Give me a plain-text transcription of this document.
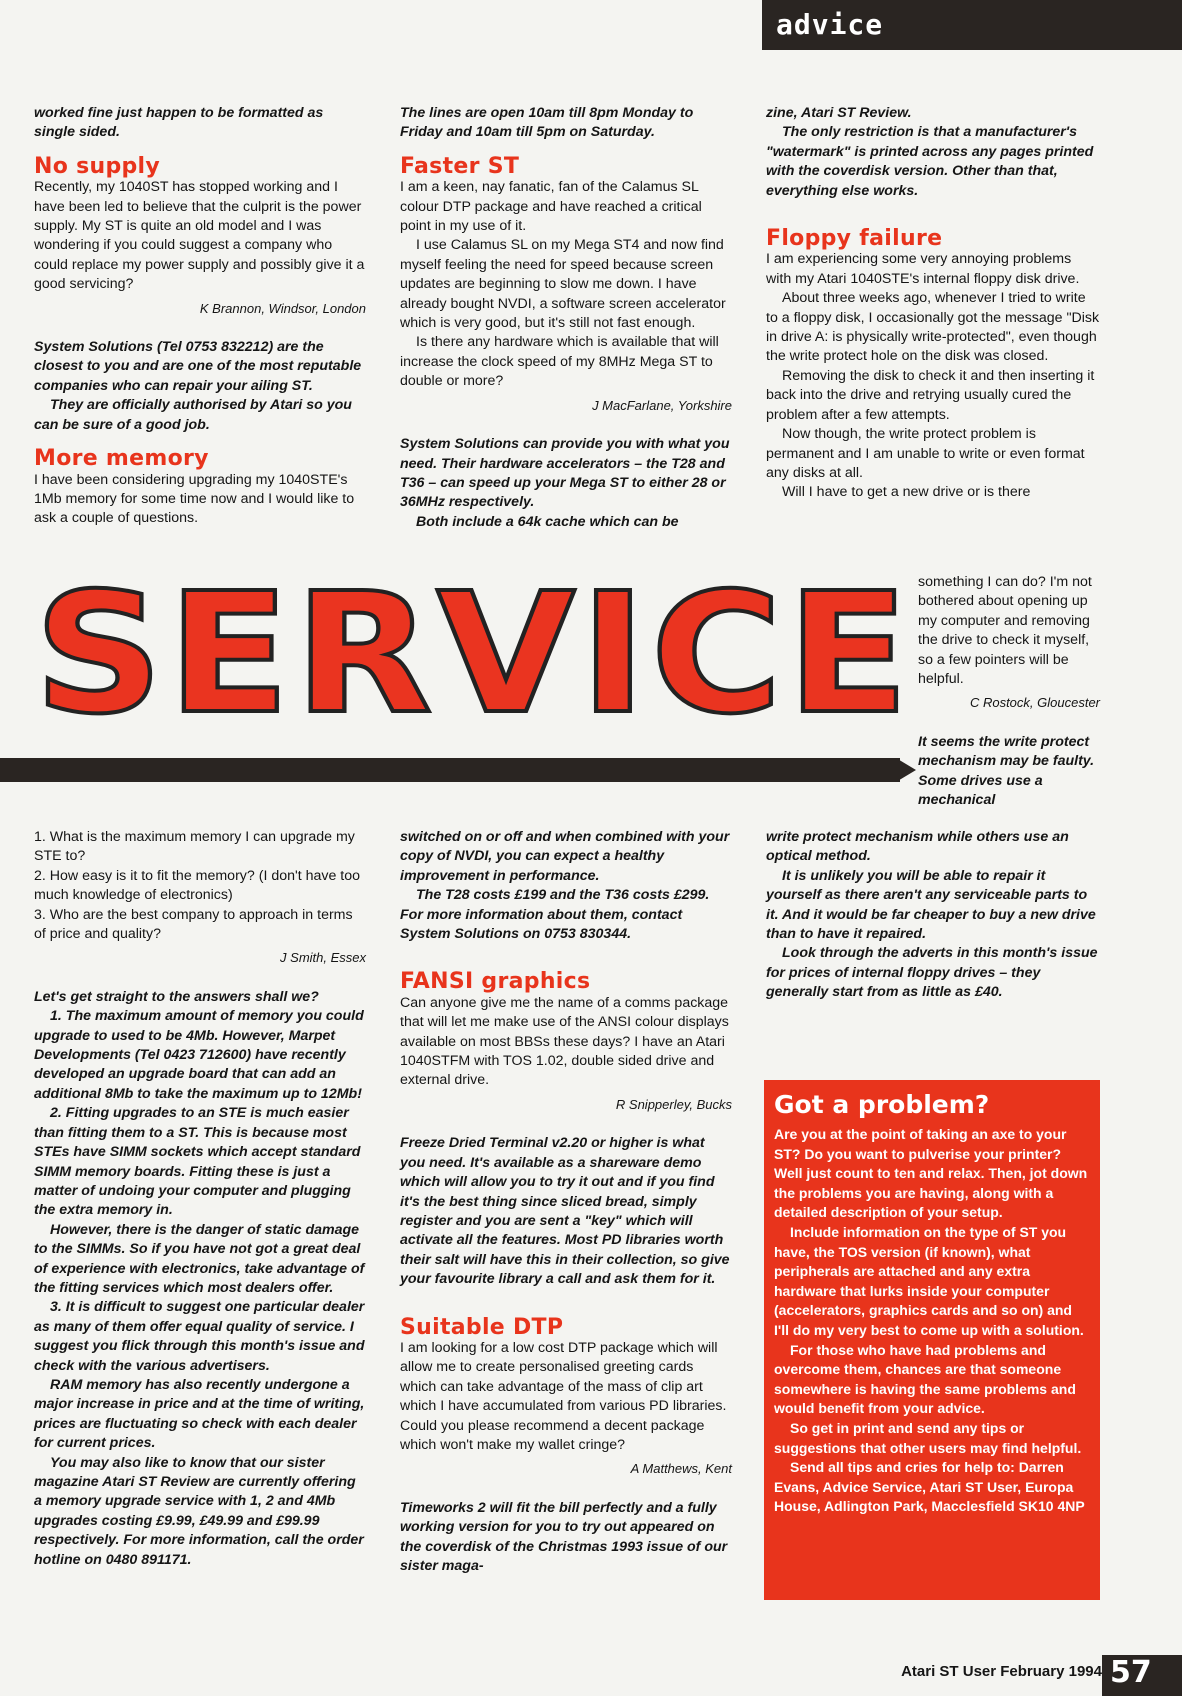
advice

worked fine just happen to be formatted as single sided.

No supply

Recently, my 1040ST has stopped working and I have been led to believe that the culprit is the power supply. My ST is quite an old model and I was wondering if you could suggest a company who could replace my power supply and possibly give it a good servicing?

K Brannon, Windsor, London

System Solutions (Tel 0753 832212) are the closest to you and are one of the most reputable companies who can repair your ailing ST.

They are officially authorised by Atari so you can be sure of a good job.

More memory

I have been considering upgrading my 1040STE's 1Mb memory for some time now and I would like to ask a couple of questions.

The lines are open 10am till 8pm Monday to Friday and 10am till 5pm on Saturday.

Faster ST

I am a keen, nay fanatic, fan of the Calamus SL colour DTP package and have reached a critical point in my use of it.

I use Calamus SL on my Mega ST4 and now find myself feeling the need for speed because screen updates are beginning to slow me down. I have already bought NVDI, a software screen accelerator which is very good, but it's still not fast enough.

Is there any hardware which is available that will increase the clock speed of my 8MHz Mega ST to double or more?

J MacFarlane, Yorkshire

System Solutions can provide you with what you need. Their hardware accelerators – the T28 and T36 – can speed up your Mega ST to either 28 or 36MHz respectively.

Both include a 64k cache which can be

zine, Atari ST Review.

The only restriction is that a manufacturer's "watermark" is printed across any pages printed with the coverdisk version. Other than that, everything else works.

Floppy failure

I am experiencing some very annoying problems with my Atari 1040STE's internal floppy disk drive.

About three weeks ago, whenever I tried to write to a floppy disk, I occasionally got the message "Disk in drive A: is physically write-protected", even though the write protect hole on the disk was closed.

Removing the disk to check it and then inserting it back into the drive and retrying usually cured the problem after a few attempts.

Now though, the write protect problem is permanent and I am unable to write or even format any disks at all.

Will I have to get a new drive or is there

something I can do? I'm not bothered about opening up my computer and removing the drive to check it myself, so a few pointers will be helpful.

C Rostock, Gloucester

It seems the write protect mechanism may be faulty. Some drives use a mechanical

SERVICE

1. What is the maximum memory I can upgrade my STE to?

2. How easy is it to fit the memory? (I don't have too much knowledge of electronics)

3. Who are the best company to approach in terms of price and quality?

J Smith, Essex

Let's get straight to the answers shall we?

1. The maximum amount of memory you could upgrade to used to be 4Mb. However, Marpet Developments (Tel 0423 712600) have recently developed an upgrade board that can add an additional 8Mb to take the maximum up to 12Mb!

2. Fitting upgrades to an STE is much easier than fitting them to a ST. This is because most STEs have SIMM sockets which accept standard SIMM memory boards. Fitting these is just a matter of undoing your computer and plugging the extra memory in.

However, there is the danger of static damage to the SIMMs. So if you have not got a great deal of experience with electronics, take advantage of the fitting services which most dealers offer.

3. It is difficult to suggest one particular dealer as many of them offer equal quality of service. I suggest you flick through this month's issue and check with the various advertisers.

RAM memory has also recently undergone a major increase in price and at the time of writing, prices are fluctuating so check with each dealer for current prices.

You may also like to know that our sister magazine Atari ST Review are currently offering a memory upgrade service with 1, 2 and 4Mb upgrades costing £9.99, £49.99 and £99.99 respectively. For more information, call the order hotline on 0480 891171.

switched on or off and when combined with your copy of NVDI, you can expect a healthy improvement in performance.

The T28 costs £199 and the T36 costs £299. For more information about them, contact System Solutions on 0753 830344.

FANSI graphics

Can anyone give me the name of a comms package that will let me make use of the ANSI colour displays available on most BBSs these days? I have an Atari 1040STFM with TOS 1.02, double sided drive and external drive.

R Snipperley, Bucks

Freeze Dried Terminal v2.20 or higher is what you need. It's available as a shareware demo which will allow you to try it out and if you find it's the best thing since sliced bread, simply register and you are sent a "key" which will activate all the features. Most PD libraries worth their salt will have this in their collection, so give your favourite library a call and ask them for it.

Suitable DTP

I am looking for a low cost DTP package which will allow me to create personalised greeting cards which can take advantage of the mass of clip art which I have accumulated from various PD libraries. Could you please recommend a decent package which won't make my wallet cringe?

A Matthews, Kent

Timeworks 2 will fit the bill perfectly and a fully working version for you to try out appeared on the coverdisk of the Christmas 1993 issue of our sister maga-

write protect mechanism while others use an optical method.

It is unlikely you will be able to repair it yourself as there aren't any serviceable parts to it. And it would be far cheaper to buy a new drive than to have it repaired.

Look through the adverts in this month's issue for prices of internal floppy drives – they generally start from as little as £40.

Got a problem?

Are you at the point of taking an axe to your ST? Do you want to pulverise your printer? Well just count to ten and relax. Then, jot down the problems you are having, along with a detailed description of your setup.

Include information on the type of ST you have, the TOS version (if known), what peripherals are attached and any extra hardware that lurks inside your computer (accelerators, graphics cards and so on) and I'll do my very best to come up with a solution.

For those who have had problems and overcome them, chances are that someone somewhere is having the same problems and would benefit from your advice.

So get in print and send any tips or suggestions that other users may find helpful.

Send all tips and cries for help to: Darren Evans, Advice Service, Atari ST User, Europa House, Adlington Park, Macclesfield SK10 4NP

Atari ST User February 1994 57
